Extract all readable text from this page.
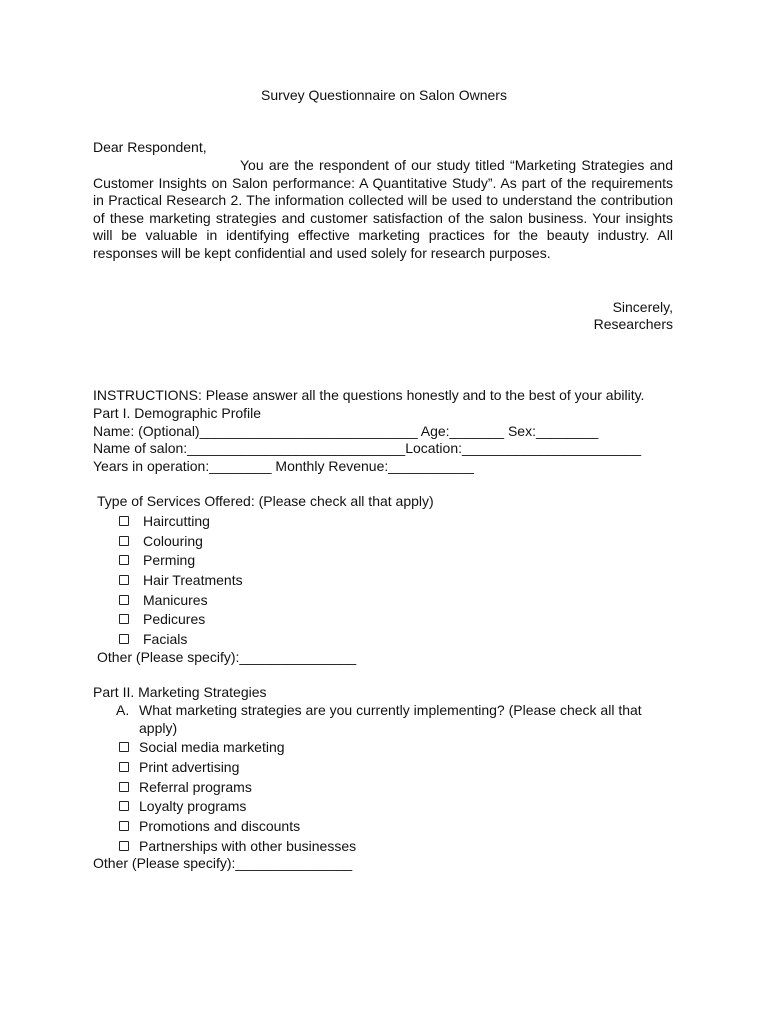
Survey Questionnaire on Salon Owners
Dear Respondent,
You are the respondent of our study titled “Marketing Strategies and Customer Insights on Salon performance: A Quantitative Study”. As part of the requirements in Practical Research 2. The information collected will be used to understand the contribution of these marketing strategies and customer satisfaction of the salon business. Your insights will be valuable in identifying effective marketing practices for the beauty industry. All responses will be kept confidential and used solely for research purposes.
Sincerely,
Researchers
INSTRUCTIONS: Please answer all the questions honestly and to the best of your ability.
Part I. Demographic Profile
Name: (Optional)____________________________ Age:_______ Sex:________
Name of salon:____________________________Location:_______________________
Years in operation:________ Monthly Revenue:___________
Type of Services Offered: (Please check all that apply)
Haircutting
Colouring
Perming
Hair Treatments
Manicures
Pedicures
Facials
Other (Please specify):_______________
Part II. Marketing Strategies
A. What marketing strategies are you currently implementing? (Please check all that
apply)
Social media marketing
Print advertising
Referral programs
Loyalty programs
Promotions and discounts
Partnerships with other businesses
Other (Please specify):_______________
